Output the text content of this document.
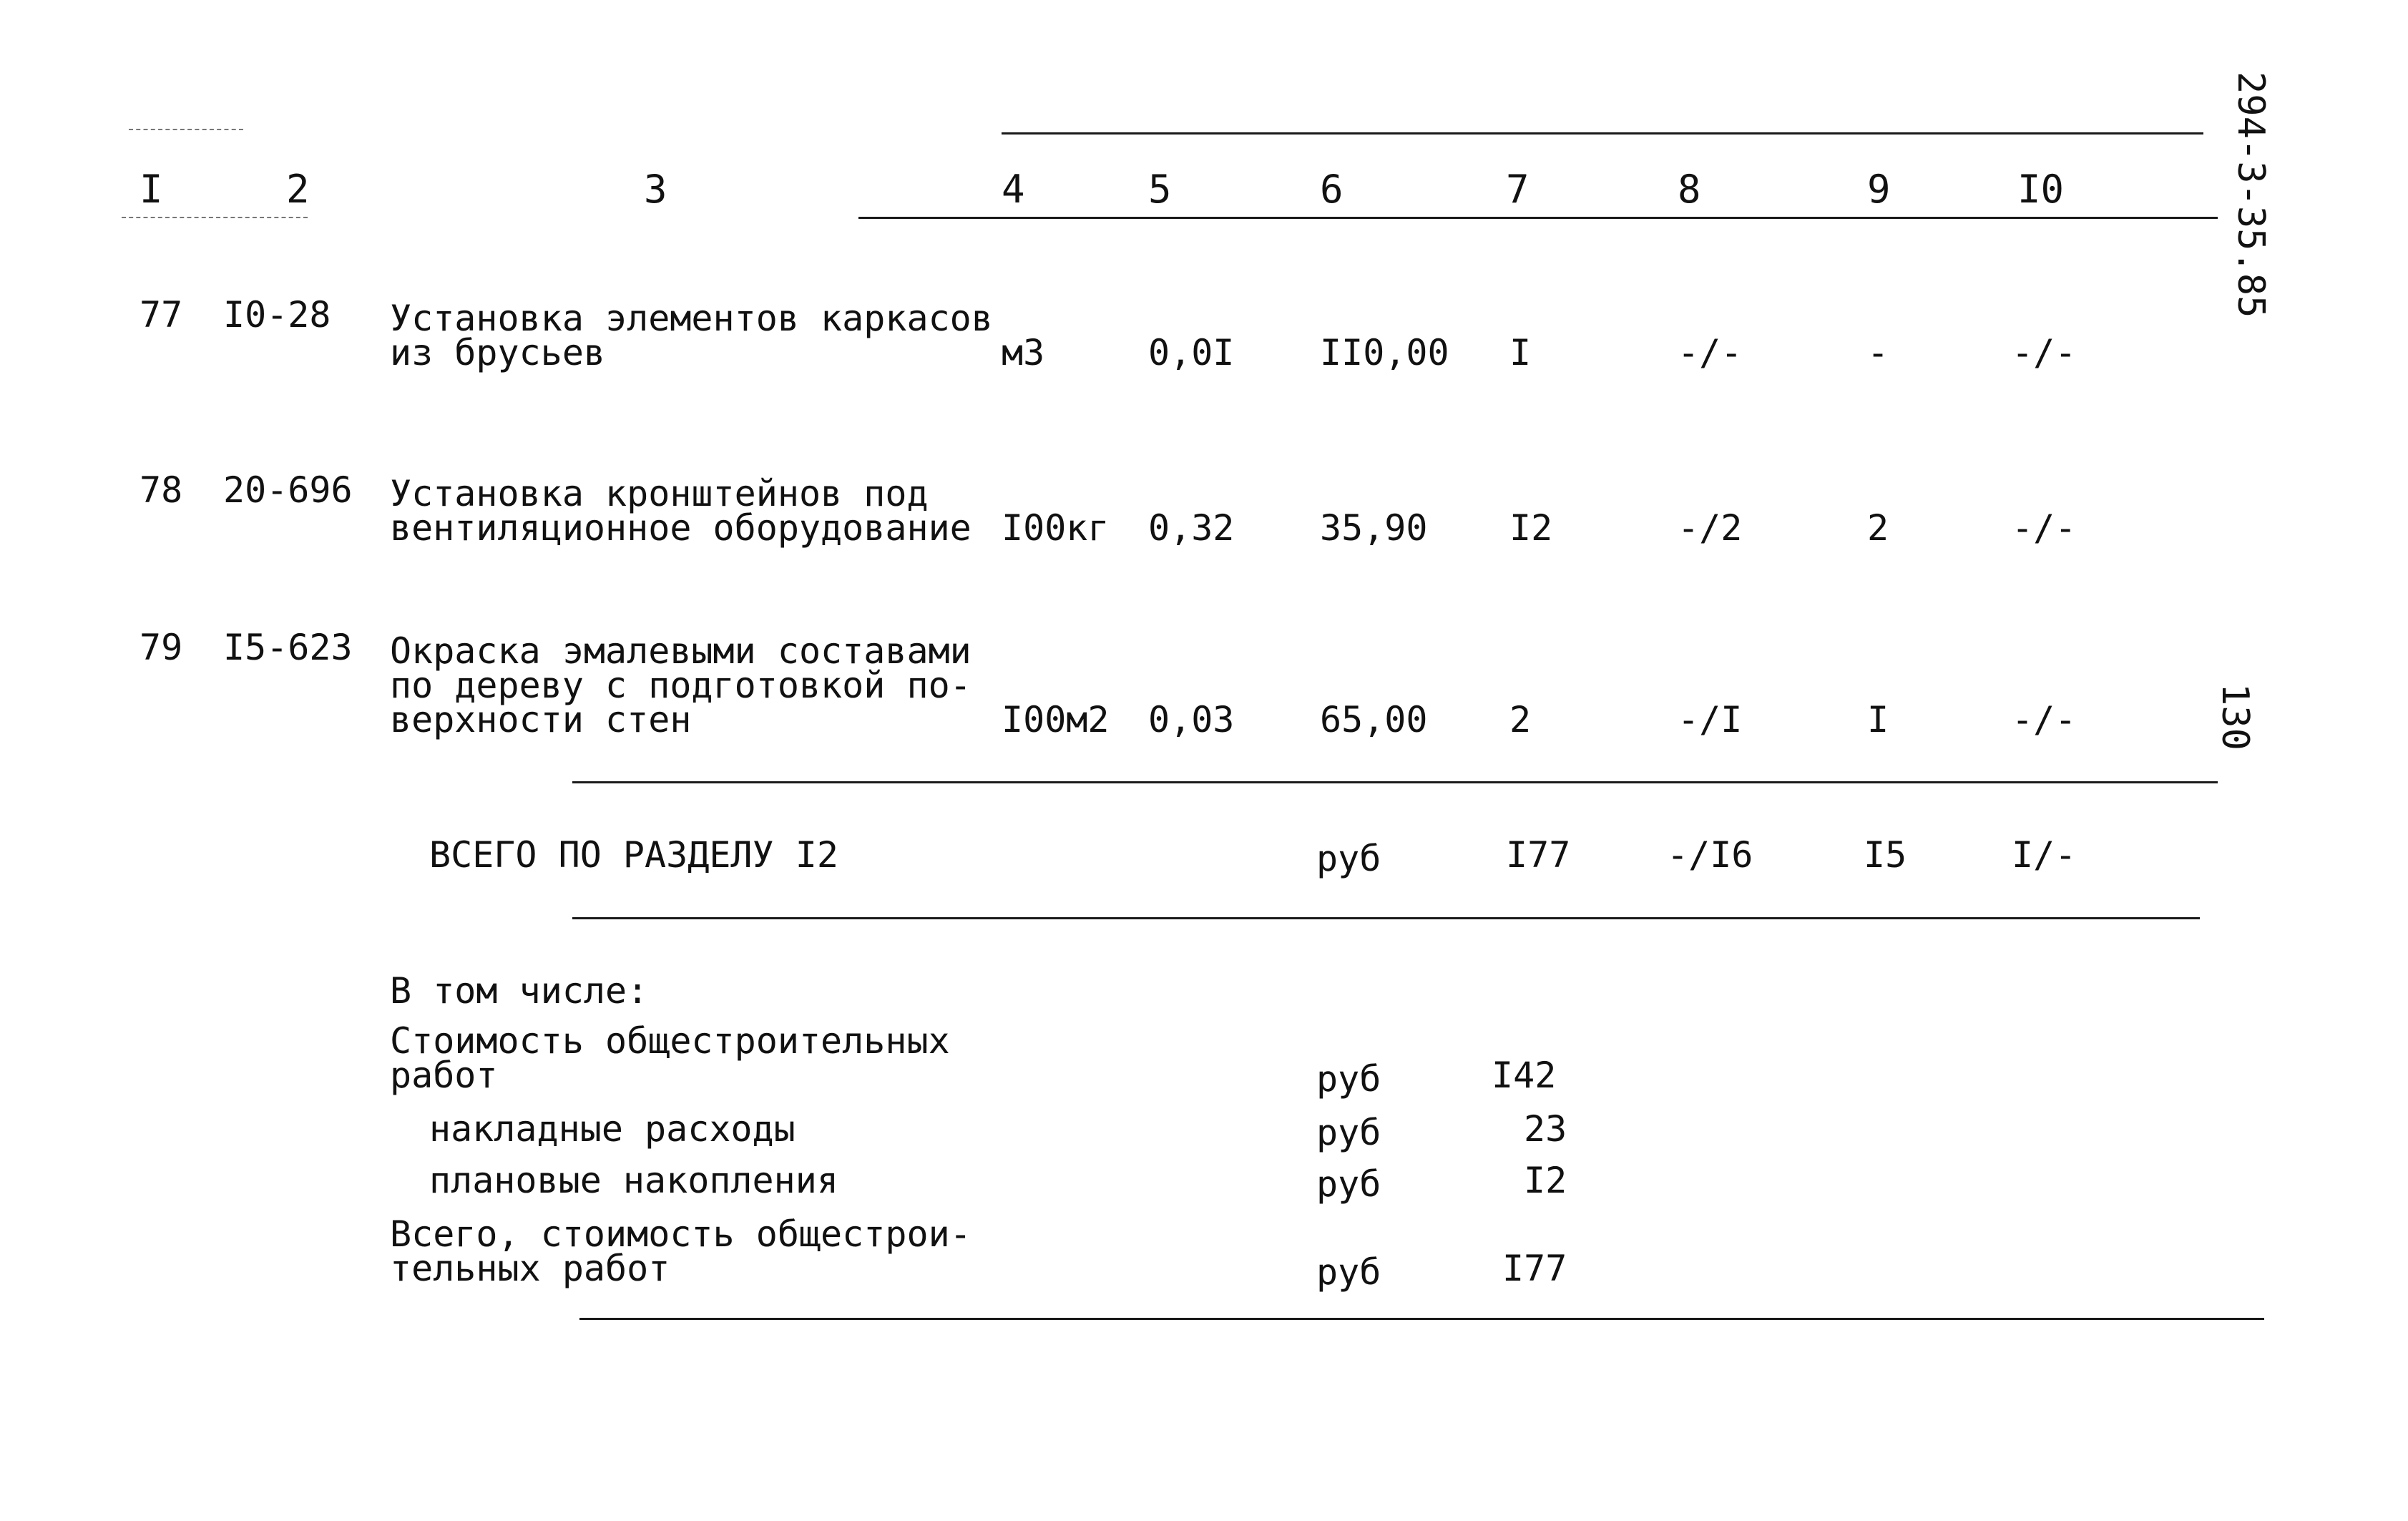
I	2	3	4	5	6	7	8	9	I0	294-3-35.85
77 I0-28 Установка элементов каркасов
из брусьев	м3	0,0I II0,00 I	-/-	-	-/-
78 20-696 Установка кронштейнов под
вентиляционное оборудование I00кг 0,32 35,90 I2	-/2	2	-/-
79 I5-623 Окраска эмалевыми составами
по дереву с подготовкой по-
верхности стен	I00м2 0,03 65,00 2	-/I	I	-/-	130
ВСЕГО ПО РАЗДЕЛУ I2	руб	I77	-/I6	I5	I/-
В том числе:
Стоимость общестроительных
работ	руб	I42
накладные расходы	руб	23
плановые накопления	руб	I2
Всего, стоимость общестрои-
тельных работ	руб	I77
